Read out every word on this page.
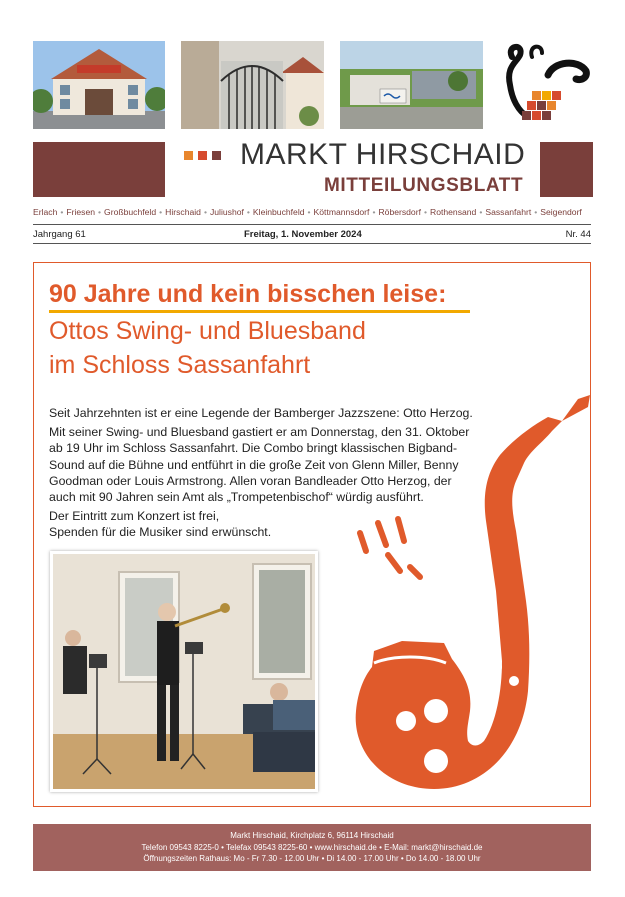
MARKT HIRSCHAID
MITTEILUNGSBLATT
Erlach • Friesen • Großbuchfeld • Hirschaid • Juliushof • Kleinbuchfeld • Köttmannsdorf • Röbersdorf • Rothensand • Sassanfahrt • Seigendorf
Jahrgang 61	Freitag, 1. November 2024	Nr. 44
90 Jahre und kein bisschen leise:
Ottos Swing- und Bluesband
im Schloss Sassanfahrt

Seit Jahrzehnten ist er eine Legende der Bamberger Jazzszene: Otto Herzog.

Mit seiner Swing- und Bluesband gastiert er am Donnerstag, den 31. Oktober ab 19 Uhr im Schloss Sassanfahrt. Die Combo bringt klassischen Bigband-Sound auf die Bühne und entführt in die große Zeit von Glenn Miller, Benny Goodman oder Louis Armstrong. Allen voran Bandleader Otto Herzog, der auch mit 90 Jahren sein Amt als „Trompetenbischof“ würdig ausführt.

Der Eintritt zum Konzert ist frei,
Spenden für die Musiker sind erwünscht.
Markt Hirschaid, Kirchplatz 6, 96114 Hirschaid
Telefon 09543 8225-0 • Telefax 09543 8225-60 • www.hirschaid.de • E-Mail: markt@hirschaid.de
Öffnungszeiten Rathaus: Mo - Fr 7.30 - 12.00 Uhr • Di 14.00 - 17.00 Uhr • Do 14.00 - 18.00 Uhr
